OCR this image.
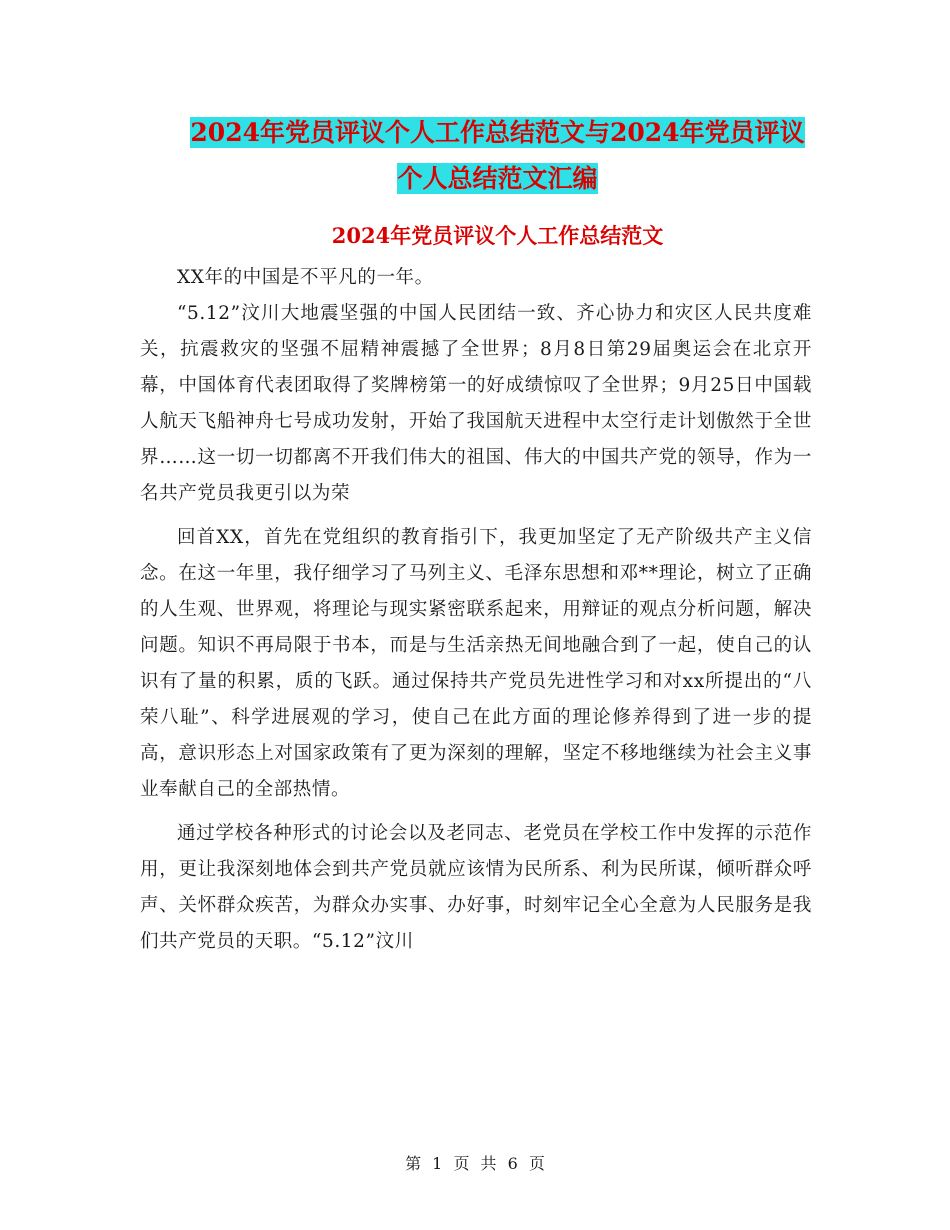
2024年党员评议个人工作总结范文与2024年党员评议
个人总结范文汇编
2024年党员评议个人工作总结范文

XX年的中国是不平凡的一年。

“5.12”汶川大地震坚强的中国人民团结一致、齐心协力和灾区人民共度难关，抗震救灾的坚强不屈精神震撼了全世界；8月8日第29届奥运会在北京开幕，中国体育代表团取得了奖牌榜第一的好成绩惊叹了全世界；9月25日中国载人航天飞船神舟七号成功发射，开始了我国航天进程中太空行走计划傲然于全世界……这一切一切都离不开我们伟大的祖国、伟大的中国共产党的领导，作为一名共产党员我更引以为荣

回首XX，首先在党组织的教育指引下，我更加坚定了无产阶级共产主义信念。在这一年里，我仔细学习了马列主义、毛泽东思想和邓**理论，树立了正确的人生观、世界观，将理论与现实紧密联系起来，用辩证的观点分析问题，解决问题。知识不再局限于书本，而是与生活亲热无间地融合到了一起，使自己的认识有了量的积累，质的飞跃。通过保持共产党员先进性学习和对xx所提出的“八荣八耻”、科学进展观的学习，使自己在此方面的理论修养得到了进一步的提高，意识形态上对国家政策有了更为深刻的理解，坚定不移地继续为社会主义事业奉献自己的全部热情。

通过学校各种形式的讨论会以及老同志、老党员在学校工作中发挥的示范作用，更让我深刻地体会到共产党员就应该情为民所系、利为民所谋，倾听群众呼声、关怀群众疾苦，为群众办实事、办好事，时刻牢记全心全意为人民服务是我们共产党员的天职。“5.12”汶川

第 1 页 共 6 页
